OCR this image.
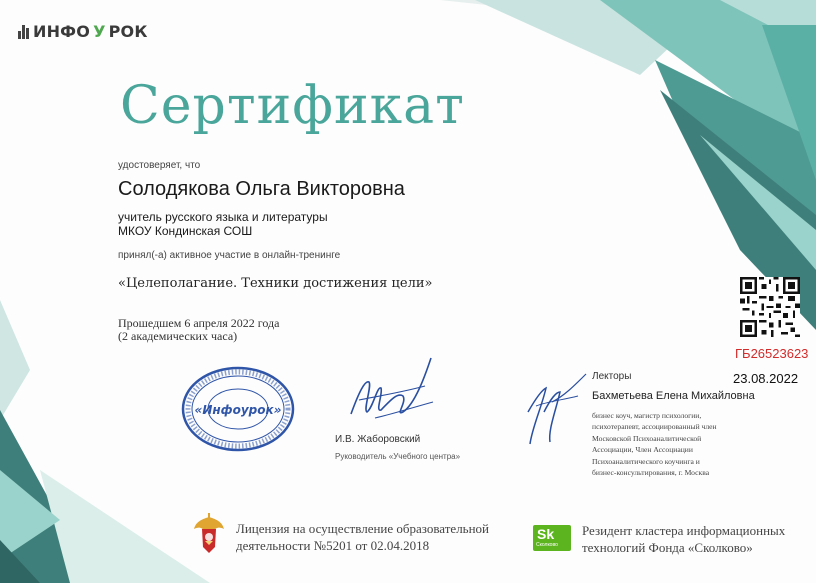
ИНФО У РОК
Сертификат
удостоверяет, что
Солодякова Ольга Викторовна
учитель русского языка и литературы
МКОУ Кондинская СОШ
принял(-а) активное участие в онлайн-тренинге
«Целеполагание. Техники достижения цели»
Прошедшем 6 апреля 2022 года
(2 академических часа)
«Инфоурок»
И.В. Жаборовский
Руководитель «Учебного центра»
ГБ26523623
23.08.2022
Лекторы
Бахметьева Елена Михайловна
бизнес коуч, магистр психологии,
психотерапевт, ассоциированный член
Московской Психоаналитической
Ассоциации, Член Ассоциации
Психоаналитического коучинга и
бизнес-консультирования, г. Москва
Лицензия на осуществление образовательной
деятельности №5201 от 02.04.2018
Sk
Сколково
Резидент кластера информационных
технологий Фонда «Сколково»
